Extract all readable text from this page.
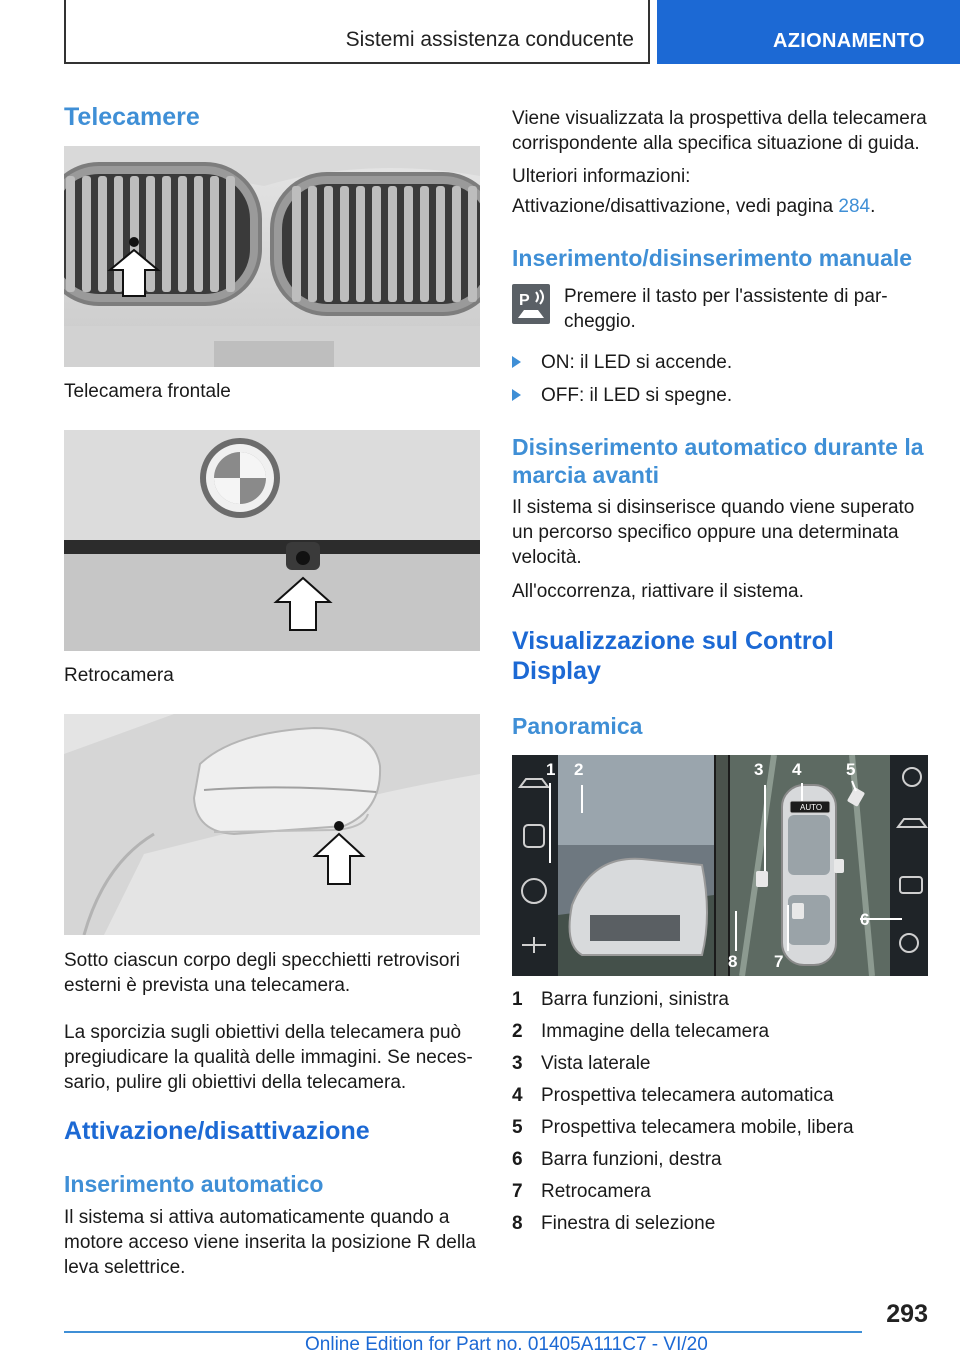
Sistemi assistenza conducente	AZIONAMENTO
Telecamere
Telecamera frontale
Retrocamera
Sotto ciascun corpo degli specchietti retrovisori esterni è prevista una telecamera.
La sporcizia sugli obiettivi della telecamera può pregiudicare la qualità delle immagini. Se necessario, pulire gli obiettivi della telecamera.
Attivazione/disattivazione
Inserimento automatico
Il sistema si attiva automaticamente quando a motore acceso viene inserita la posizione R della leva selettrice.
Viene visualizzata la prospettiva della telecamera corrispondente alla specifica situazione di guida.
Ulteriori informazioni:
Attivazione/disattivazione, vedi pagina 284.
Inserimento/disinserimento manuale
P Premere il tasto per l'assistente di parcheggio.
ON: il LED si accende.
OFF: il LED si spegne.
Disinserimento automatico durante la marcia avanti
Il sistema si disinserisce quando viene superato un percorso specifico oppure una determinata velocità.
All'occorrenza, riattivare il sistema.
Visualizzazione sul Control Display
Panoramica
AUTO
1 2	3 4	5
6
7
8
1 Barra funzioni, sinistra
2 Immagine della telecamera
3 Vista laterale
4 Prospettiva telecamera automatica
5 Prospettiva telecamera mobile, libera
6 Barra funzioni, destra
7 Retrocamera
8 Finestra di selezione
293
Online Edition for Part no. 01405A111C7 - VI/20
